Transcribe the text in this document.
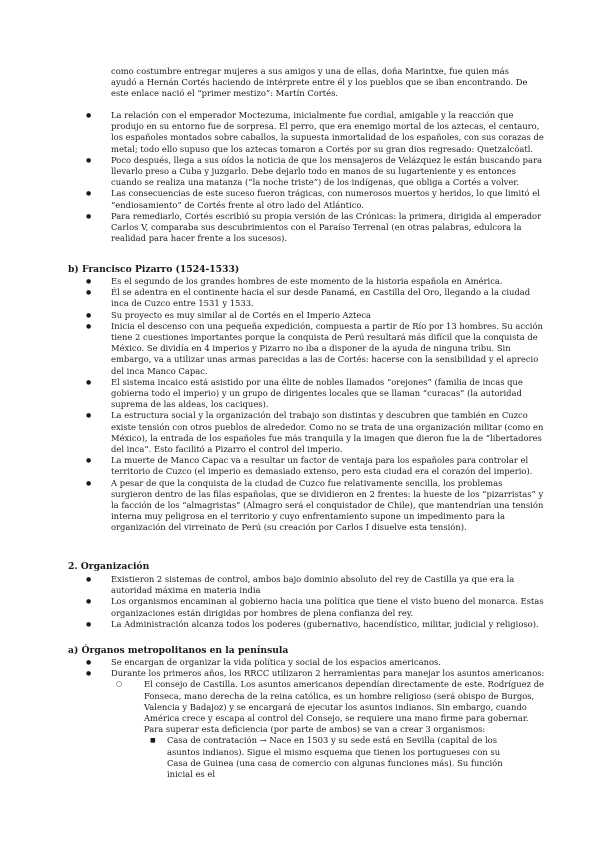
como costumbre entregar mujeres a sus amigos y una de ellas, doña Marintxe, fue quien más ayudó a Hernán Cortés haciendo de intérprete entre él y los pueblos que se iban encontrando. De este enlace nació el “primer mestizo”: Martín Cortés.

● La relación con el emperador Moctezuma, inicialmente fue cordial, amigable y la reacción que produjo en su entorno fue de sorpresa. El perro, que era enemigo mortal de los aztecas, el centauro, los españoles montados sobre caballos, la supuesta inmortalidad de los españoles, con sus corazas de metal; todo ello supuso que los aztecas tomaron a Cortés por su gran dios regresado: Quetzalcóatl.
● Poco después, llega a sus oídos la noticia de que los mensajeros de Velázquez le están buscando para llevarlo preso a Cuba y juzgarlo. Debe dejarlo todo en manos de su lugarteniente y es entonces cuando se realiza una matanza (“la noche triste”) de los indígenas, que obliga a Cortés a volver.
● Las consecuencias de este suceso fueron trágicas, con numerosos muertos y heridos, lo que limitó el “endiosamiento” de Cortés frente al otro lado del Atlántico.
● Para remediarlo, Cortés escribió su propia versión de las Crónicas: la primera, dirigida al emperador Carlos V, comparaba sus descubrimientos con el Paraíso Terrenal (en otras palabras, edulcora la realidad para hacer frente a los sucesos).

b) Francisco Pizarro (1524-1533)

● Es el segundo de los grandes hombres de este momento de la historia española en América.
● Él se adentra en el continente hacia el sur desde Panamá, en Castilla del Oro, llegando a la ciudad inca de Cuzco entre 1531 y 1533.
● Su proyecto es muy similar al de Cortés en el Imperio Azteca
● Inicia el descenso con una pequeña expedición, compuesta a partir de Río por 13 hombres. Su acción tiene 2 cuestiones importantes porque la conquista de Perú resultará más difícil que la conquista de México. Se dividía en 4 imperios y Pizarro no iba a disponer de la ayuda de ninguna tribu. Sin embargo, va a utilizar unas armas parecidas a las de Cortés: hacerse con la sensibilidad y el aprecio del inca Manco Capac.
● El sistema incaico está asistido por una élite de nobles llamados “orejones” (familia de incas que gobierna todo el imperio) y un grupo de dirigentes locales que se llaman “curacas” (la autoridad suprema de las aldeas, los caciques).
● La estructura social y la organización del trabajo son distintas y descubren que también en Cuzco existe tensión con otros pueblos de alrededor. Como no se trata de una organización militar (como en México), la entrada de los españoles fue más tranquila y la imagen que dieron fue la de “libertadores del inca”. Esto facilitó a Pizarro el control del imperio.
● La muerte de Manco Capac va a resultar un factor de ventaja para los españoles para controlar el territorio de Cuzco (el imperio es demasiado extenso, pero esta ciudad era el corazón del imperio).
● A pesar de que la conquista de la ciudad de Cuzco fue relativamente sencilla, los problemas surgieron dentro de las filas españolas, que se dividieron en 2 frentes: la hueste de los “pizarristas” y la facción de los “almagristas” (Almagro será el conquistador de Chile), que mantendrían una tensión interna muy peligrosa en el territorio y cuyo enfrentamiento supone un impedimento para la organización del virreinato de Perú (su creación por Carlos I disuelve esta tensión).

2. Organización

● Existieron 2 sistemas de control, ambos bajo dominio absoluto del rey de Castilla ya que era la autoridad máxima en materia india
● Los organismos encaminan al gobierno hacia una política que tiene el visto bueno del monarca. Estas organizaciones están dirigidas por hombres de plena confianza del rey.
● La Administración alcanza todos los poderes (gubernativo, hacendístico, militar, judicial y religioso).

a) Órganos metropolitanos en la península

● Se encargan de organizar la vida política y social de los espacios americanos.
● Durante los primeros años, los RRCC utilizaron 2 herramientas para manejar los asuntos americanos:
○ El consejo de Castilla. Los asuntos americanos dependían directamente de este. Rodríguez de Fonseca, mano derecha de la reina católica, es un hombre religioso (será obispo de Burgos, Valencia y Badajoz) y se encargará de ejecutar los asuntos indianos. Sin embargo, cuando América crece y escapa al control del Consejo, se requiere una mano firme para gobernar. Para superar esta deficiencia (por parte de ambos) se van a crear 3 organismos:
■ Casa de contratación → Nace en 1503 y su sede está en Sevilla (capital de los asuntos indianos). Sigue el mismo esquema que tienen los portugueses con su Casa de Guinea (una casa de comercio con algunas funciones más). Su función inicial es el
